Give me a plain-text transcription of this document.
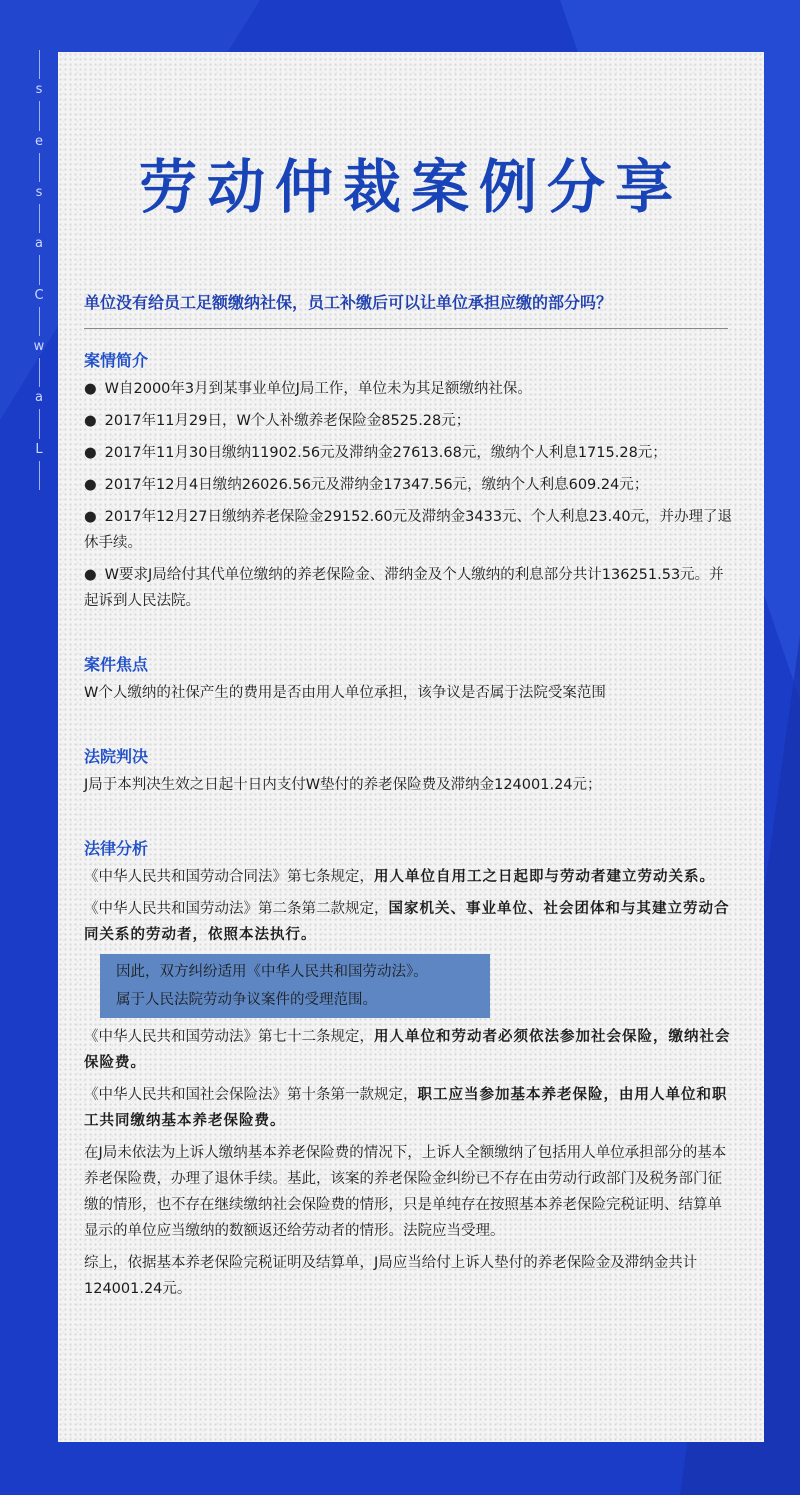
s
e
s
a
C
w
a
L
劳动仲裁案例分享
单位没有给员工足额缴纳社保，员工补缴后可以让单位承担应缴的部分吗？
案情简介
● W自2000年3月到某事业单位J局工作，单位未为其足额缴纳社保。
● 2017年11月29日，W个人补缴养老保险金8525.28元；
● 2017年11月30日缴纳11902.56元及滞纳金27613.68元，缴纳个人利息1715.28元；
● 2017年12月4日缴纳26026.56元及滞纳金17347.56元，缴纳个人利息609.24元；
● 2017年12月27日缴纳养老保险金29152.60元及滞纳金3433元、个人利息23.40元，并办理了退休手续。
● W要求J局给付其代单位缴纳的养老保险金、滞纳金及个人缴纳的利息部分共计136251.53元。并起诉到人民法院。
案件焦点
W个人缴纳的社保产生的费用是否由用人单位承担，该争议是否属于法院受案范围
法院判决
J局于本判决生效之日起十日内支付W垫付的养老保险费及滞纳金124001.24元；
法律分析
《中华人民共和国劳动合同法》第七条规定，用人单位自用工之日起即与劳动者建立劳动关系。
《中华人民共和国劳动法》第二条第二款规定，国家机关、事业单位、社会团体和与其建立劳动合同关系的劳动者，依照本法执行。
因此，双方纠纷适用《中华人民共和国劳动法》。
属于人民法院劳动争议案件的受理范围。
《中华人民共和国劳动法》第七十二条规定，用人单位和劳动者必须依法参加社会保险，缴纳社会保险费。
《中华人民共和国社会保险法》第十条第一款规定，职工应当参加基本养老保险，由用人单位和职工共同缴纳基本养老保险费。
在J局未依法为上诉人缴纳基本养老保险费的情况下，上诉人全额缴纳了包括用人单位承担部分的基本养老保险费，办理了退休手续。基此，该案的养老保险金纠纷已不存在由劳动行政部门及税务部门征缴的情形，也不存在继续缴纳社会保险费的情形，只是单纯存在按照基本养老保险完税证明、结算单显示的单位应当缴纳的数额返还给劳动者的情形。法院应当受理。
综上，依据基本养老保险完税证明及结算单，J局应当给付上诉人垫付的养老保险金及滞纳金共计124001.24元。
